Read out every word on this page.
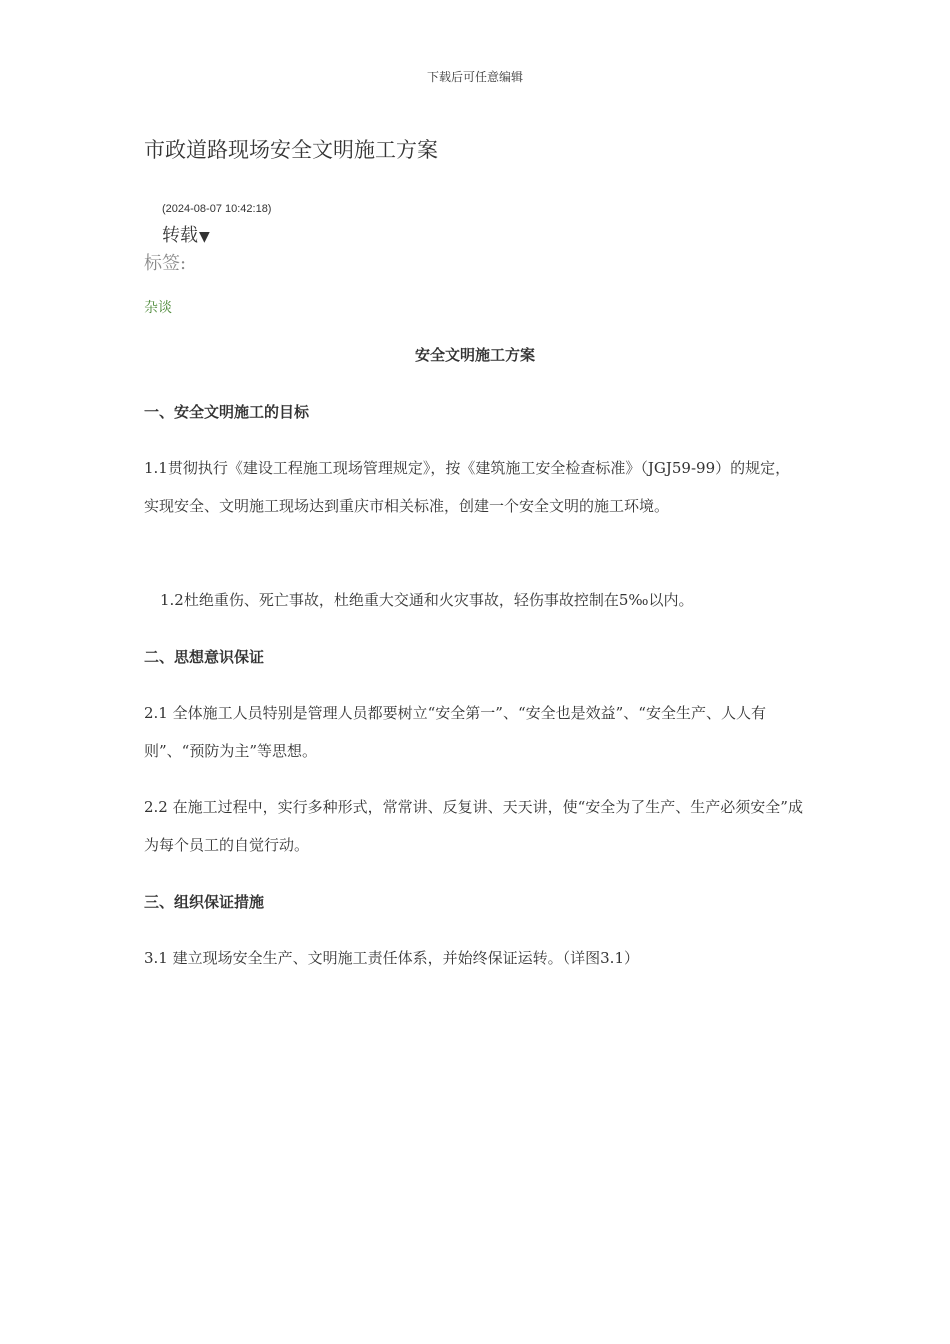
下载后可任意编辑
市政道路现场安全文明施工方案
(2024-08-07 10:42:18)
转载▼
标签:
杂谈
安全文明施工方案
一、安全文明施工的目标

1.1贯彻执行《建设工程施工现场管理规定》，按《建筑施工安全检查标准》（JGJ59-99）的规定，实现安全、文明施工现场达到重庆市相关标准，创建一个安全文明的施工环境。

1.2杜绝重伤、死亡事故，杜绝重大交通和火灾事故，轻伤事故控制在5‰以内。

二、思想意识保证

2.1 全体施工人员特别是管理人员都要树立“安全第一”、“安全也是效益”、“安全生产、人人有则”、“预防为主”等思想。

2.2 在施工过程中，实行多种形式，常常讲、反复讲、天天讲，使“安全为了生产、生产必须安全”成为每个员工的自觉行动。

三、组织保证措施

3.1 建立现场安全生产、文明施工责任体系，并始终保证运转。（详图3.1）
